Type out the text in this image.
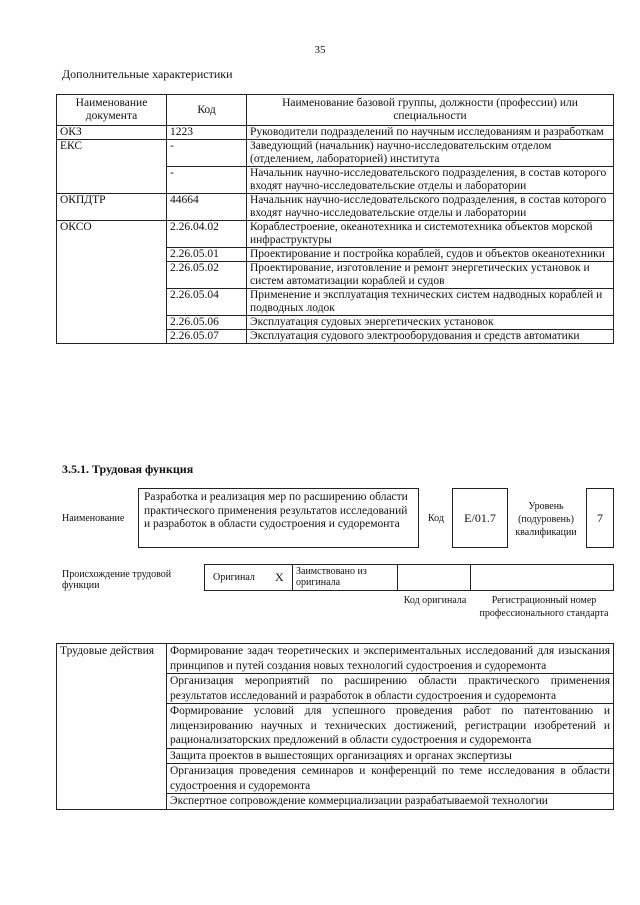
35
Дополнительные характеристики
Наименование документа	Код	Наименование базовой группы, должности (профессии) или специальности
ОКЗ	1223	Руководители подразделений по научным исследованиям и разработкам
ЕКС	-	Заведующий (начальник) научно-исследовательским отделом (отделением, лабораторией) института
	-	Начальник научно-исследовательского подразделения, в состав которого входят научно-исследовательские отделы и лаборатории
ОКПДТР	44664	Начальник научно-исследовательского подразделения, в состав которого входят научно-исследовательские отделы и лаборатории
ОКСО	2.26.04.02	Кораблестроение, океанотехника и системотехника объектов морской инфраструктуры
	2.26.05.01	Проектирование и постройка кораблей, судов и объектов океанотехники
	2.26.05.02	Проектирование, изготовление и ремонт энергетических установок и систем автоматизации кораблей и судов
	2.26.05.04	Применение и эксплуатация технических систем надводных кораблей и подводных лодок
	2.26.05.06	Эксплуатация судовых энергетических установок
	2.26.05.07	Эксплуатация судового электрооборудования и средств автоматики
3.5.1. Трудовая функция
Наименование
Разработка и реализация мер по расширению области практического применения результатов исследований и разработок в области судостроения и судоремонта	Код	E/01.7
Уровень (подуровень) квалификации
7
Происхождение трудовой функции
Оригинал X Заимствовано из оригинала
Код оригинала	Регистрационный номер профессионального стандарта
Трудовые действия	Формирование задач теоретических и экспериментальных исследований для изыскания принципов и путей создания новых технологий судостроения и судоремонта
Организация мероприятий по расширению области практического применения результатов исследований и разработок в области судостроения и судоремонта
Формирование условий для успешного проведения работ по патентованию и лицензированию научных и технических достижений, регистрации изобретений и рационализаторских предложений в области судостроения и судоремонта
Защита проектов в вышестоящих организациях и органах экспертизы
Организация проведения семинаров и конференций по теме исследования в области судостроения и судоремонта
Экспертное сопровождение коммерциализации разрабатываемой технологии
